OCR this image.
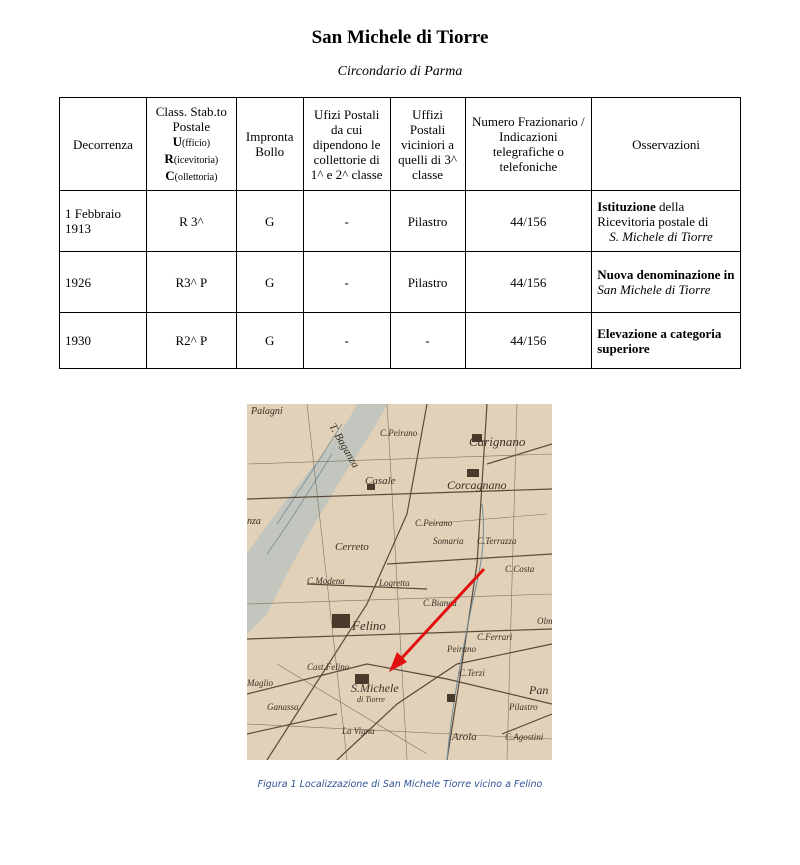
San Michele di Tiorre
Circondario di Parma
Decorrenza	Class. Stab.to
Postale
U(fficio)
R(icevitoria)
C(ollettoria)	Impronta Bollo	Ufizi Postali da cui dipendono le collettorie di 1^ e 2^ classe	Uffizi Postali viciniori a quelli di 3^ classe	Numero Frazionario / Indicazioni telegrafiche o telefoniche	Osservazioni
1 Febbraio 1913	R 3^	G	-	Pilastro	44/156	Istituzione della Ricevitoria postale di
S. Michele di Tiorre

1926	R3^ P	G	-	Pilastro	44/156	Nuova denominazione in
San Michele di Tiorre

1930	R2^ P	G	-	-	44/156	Elevazione a categoria superiore
Palagni
C.Peirano
Carignano
T. Baganza
Corcagnano
Casale
nza	C.Peirano
Somaria
Cerreto	C.Terrazza
C.Costa
C.Modena	Logretta
C.Bianca
Olm
Felino
C.Ferrari
Maglio
Peirano
Cast.Felino
C.Terzi
Pan
S.Michele
di Tiorre
Ganassa	Pilastro
La Vigna	Arola	C.Agostini
Figura 1 Localizzazione di San Michele Tiorre vicino a Felino
